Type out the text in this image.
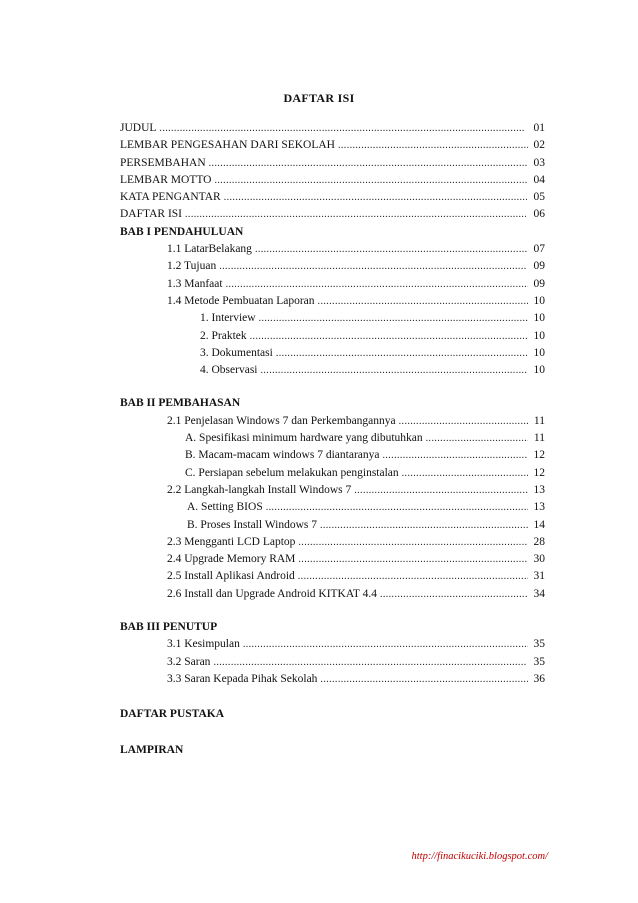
DAFTAR ISI
JUDUL .....	01
LEMBAR PENGESAHAN DARI SEKOLAH .....	02
PERSEMBAHAN .....	03
LEMBAR MOTTO .....	04
KATA PENGANTAR .....	05
DAFTAR ISI .....	06
BAB I PENDAHULUAN
1.1 LatarBelakang .....	07
1.2 Tujuan .....	09
1.3 Manfaat .....	09
1.4 Metode Pembuatan Laporan .....	10
1. Interview .....	10
2. Praktek .....	10
3. Dokumentasi .....	10
4. Observasi .....	10
BAB II PEMBAHASAN
2.1 Penjelasan Windows 7 dan Perkembangannya .....	11
A. Spesifikasi minimum hardware yang dibutuhkan .....	11
B. Macam-macam windows 7 diantaranya .....	12
C. Persiapan sebelum melakukan penginstalan .....	12
2.2 Langkah-langkah Install Windows 7 .....	13
A. Setting BIOS .....	13
B. Proses Install Windows 7 .....	14
2.3 Mengganti LCD Laptop .....	28
2.4 Upgrade Memory RAM .....	30
2.5 Install Aplikasi Android .....	31
2.6 Install dan Upgrade Android KITKAT 4.4 .....	34
BAB III PENUTUP
3.1 Kesimpulan .....	35
3.2 Saran .....	35
3.3 Saran Kepada Pihak Sekolah .....	36
DAFTAR PUSTAKA
LAMPIRAN
http://finacikuciki.blogspot.com/
